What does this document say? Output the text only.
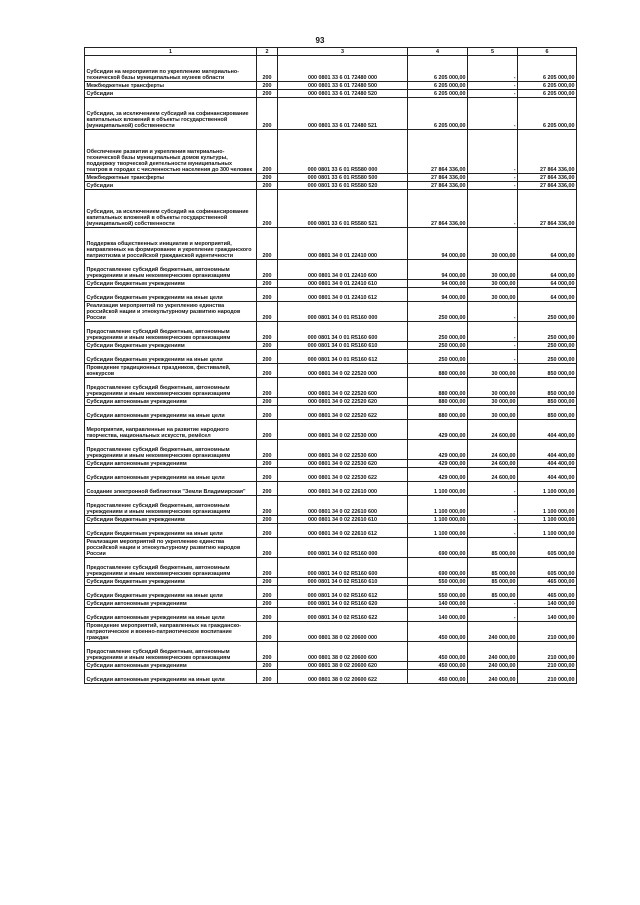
93
1	2	3	4	5	6
Субсидии на мероприятия по укреплению материально-технической базы муниципальных музеев области	200	000 0801 33 6 01 72480 000	6 205 000,00	-	6 205 000,00
Межбюджетные трансферты	200	000 0801 33 6 01 72480 500	6 205 000,00	-	6 205 000,00
Субсидии	200	000 0801 33 6 01 72480 520	6 205 000,00	-	6 205 000,00
Субсидии, за исключением субсидий на софинансирование капитальных вложений в объекты государственной (муниципальной) собственности	200	000 0801 33 6 01 72480 521	6 205 000,00	-	6 205 000,00
Обеспечение развития и укрепления материально-технической базы муниципальных домов культуры, поддержку творческой деятельности муниципальных театров в городах с численностью населения до 300 человек	200	000 0801 33 6 01 R5580 000	27 864 336,00	-	27 864 336,00
Межбюджетные трансферты	200	000 0801 33 6 01 R5580 500	27 864 336,00	-	27 864 336,00
Субсидии	200	000 0801 33 6 01 R5580 520	27 864 336,00	-	27 864 336,00
Субсидии, за исключением субсидий на софинансирование капитальных вложений в объекты государственной (муниципальной) собственности	200	000 0801 33 6 01 R5580 521	27 864 336,00	-	27 864 336,00
Поддержка общественных инициатив и мероприятий, направленных на формирование и укрепление гражданского патриотизма и российской гражданской идентичности	200	000 0801 34 0 01 22410 000	94 000,00	30 000,00	64 000,00
Предоставление субсидий бюджетным, автономным учреждениям и иным некоммерческим организациям	200	000 0801 34 0 01 22410 600	94 000,00	30 000,00	64 000,00
Субсидии бюджетным учреждениям	200	000 0801 34 0 01 22410 610	94 000,00	30 000,00	64 000,00
Субсидии бюджетным учреждениям на иные цели	200	000 0801 34 0 01 22410 612	94 000,00	30 000,00	64 000,00
Реализация мероприятий по укреплению единства российской нации и этнокультурному развитию народов России	200	000 0801 34 0 01 R5160 000	250 000,00	-	250 000,00
Предоставление субсидий бюджетным, автономным учреждениям и иным некоммерческим организациям	200	000 0801 34 0 01 R5160 600	250 000,00	-	250 000,00
Субсидии бюджетным учреждениям	200	000 0801 34 0 01 R5160 610	250 000,00	-	250 000,00
Субсидии бюджетным учреждениям на иные цели	200	000 0801 34 0 01 R5160 612	250 000,00	-	250 000,00
Проведение традиционных праздников, фестивалей, конкурсов	200	000 0801 34 0 02 22520 000	880 000,00	30 000,00	850 000,00
Предоставление субсидий бюджетным, автономным учреждениям и иным некоммерческим организациям	200	000 0801 34 0 02 22520 600	880 000,00	30 000,00	850 000,00
Субсидии автономным учреждениям	200	000 0801 34 0 02 22520 620	880 000,00	30 000,00	850 000,00
Субсидии автономным учреждениям на иные цели	200	000 0801 34 0 02 22520 622	880 000,00	30 000,00	850 000,00
Мероприятия, направленные на развитие народного творчества, национальных искусств, ремёсел	200	000 0801 34 0 02 22530 000	429 000,00	24 600,00	404 400,00
Предоставление субсидий бюджетным, автономным учреждениям и иным некоммерческим организациям	200	000 0801 34 0 02 22530 600	429 000,00	24 600,00	404 400,00
Субсидии автономным учреждениям	200	000 0801 34 0 02 22530 620	429 000,00	24 600,00	404 400,00
Субсидии автономным учреждениям на иные цели	200	000 0801 34 0 02 22530 622	429 000,00	24 600,00	404 400,00
Создание электронной библиотеки "Земли Владимирская"	200	000 0801 34 0 02 22610 000	1 100 000,00	-	1 100 000,00
Предоставление субсидий бюджетным, автономным учреждениям и иным некоммерческим организациям	200	000 0801 34 0 02 22610 600	1 100 000,00	-	1 100 000,00
Субсидии бюджетным учреждениям	200	000 0801 34 0 02 22610 610	1 100 000,00	-	1 100 000,00
Субсидии бюджетным учреждениям на иные цели	200	000 0801 34 0 02 22610 612	1 100 000,00	-	1 100 000,00
Реализация мероприятий по укреплению единства российской нации и этнокультурному развитию народов России	200	000 0801 34 0 02 R5160 000	690 000,00	85 000,00	605 000,00
Предоставление субсидий бюджетным, автономным учреждениям и иным некоммерческим организациям	200	000 0801 34 0 02 R5160 600	690 000,00	85 000,00	605 000,00
Субсидии бюджетным учреждениям	200	000 0801 34 0 02 R5160 610	550 000,00	85 000,00	465 000,00
Субсидии бюджетным учреждениям на иные цели	200	000 0801 34 0 02 R5160 612	550 000,00	85 000,00	465 000,00
Субсидии автономным учреждениям	200	000 0801 34 0 02 R5160 620	140 000,00	-	140 000,00
Субсидии автономным учреждениям на иные цели	200	000 0801 34 0 02 R5160 622	140 000,00	-	140 000,00
Проведение мероприятий, направленных на гражданско-патриотическое и военно-патриотическое воспитание граждан	200	000 0801 38 0 02 20600 000	450 000,00	240 000,00	210 000,00
Предоставление субсидий бюджетным, автономным учреждениям и иным некоммерческим организациям	200	000 0801 38 0 02 20600 600	450 000,00	240 000,00	210 000,00
Субсидии автономным учреждениям	200	000 0801 38 0 02 20600 620	450 000,00	240 000,00	210 000,00
Субсидии автономным учреждениям на иные цели	200	000 0801 38 0 02 20600 622	450 000,00	240 000,00	210 000,00
